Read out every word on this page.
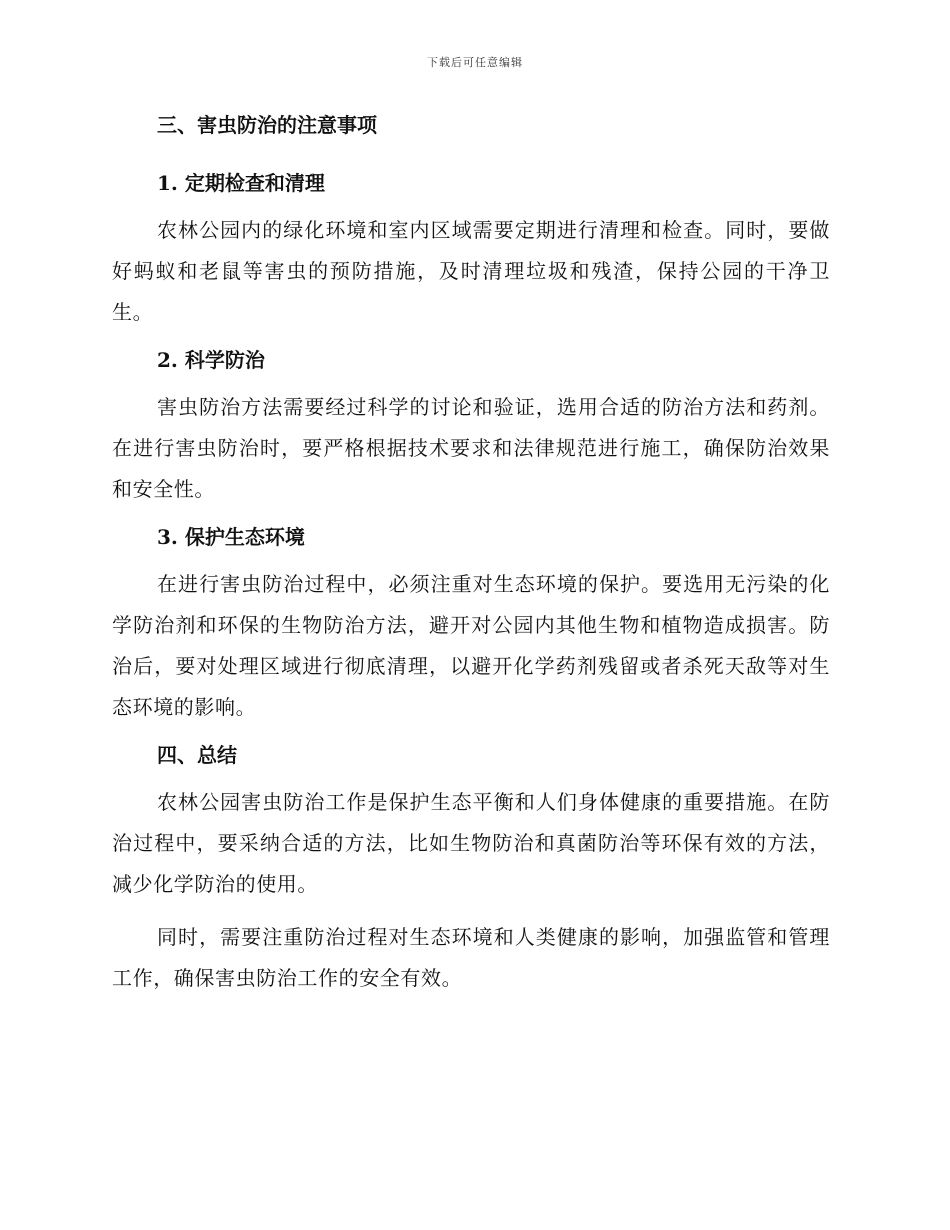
下载后可任意编辑
三、害虫防治的注意事项
1. 定期检查和清理

农林公园内的绿化环境和室内区域需要定期进行清理和检查。同时，要做好蚂蚁和老鼠等害虫的预防措施，及时清理垃圾和残渣，保持公园的干净卫生。

2. 科学防治

害虫防治方法需要经过科学的讨论和验证，选用合适的防治方法和药剂。在进行害虫防治时，要严格根据技术要求和法律规范进行施工，确保防治效果和安全性。

3. 保护生态环境

在进行害虫防治过程中，必须注重对生态环境的保护。要选用无污染的化学防治剂和环保的生物防治方法，避开对公园内其他生物和植物造成损害。防治后，要对处理区域进行彻底清理，以避开化学药剂残留或者杀死天敌等对生态环境的影响。

四、总结

农林公园害虫防治工作是保护生态平衡和人们身体健康的重要措施。在防治过程中，要采纳合适的方法，比如生物防治和真菌防治等环保有效的方法，减少化学防治的使用。

同时，需要注重防治过程对生态环境和人类健康的影响，加强监管和管理工作，确保害虫防治工作的安全有效。
